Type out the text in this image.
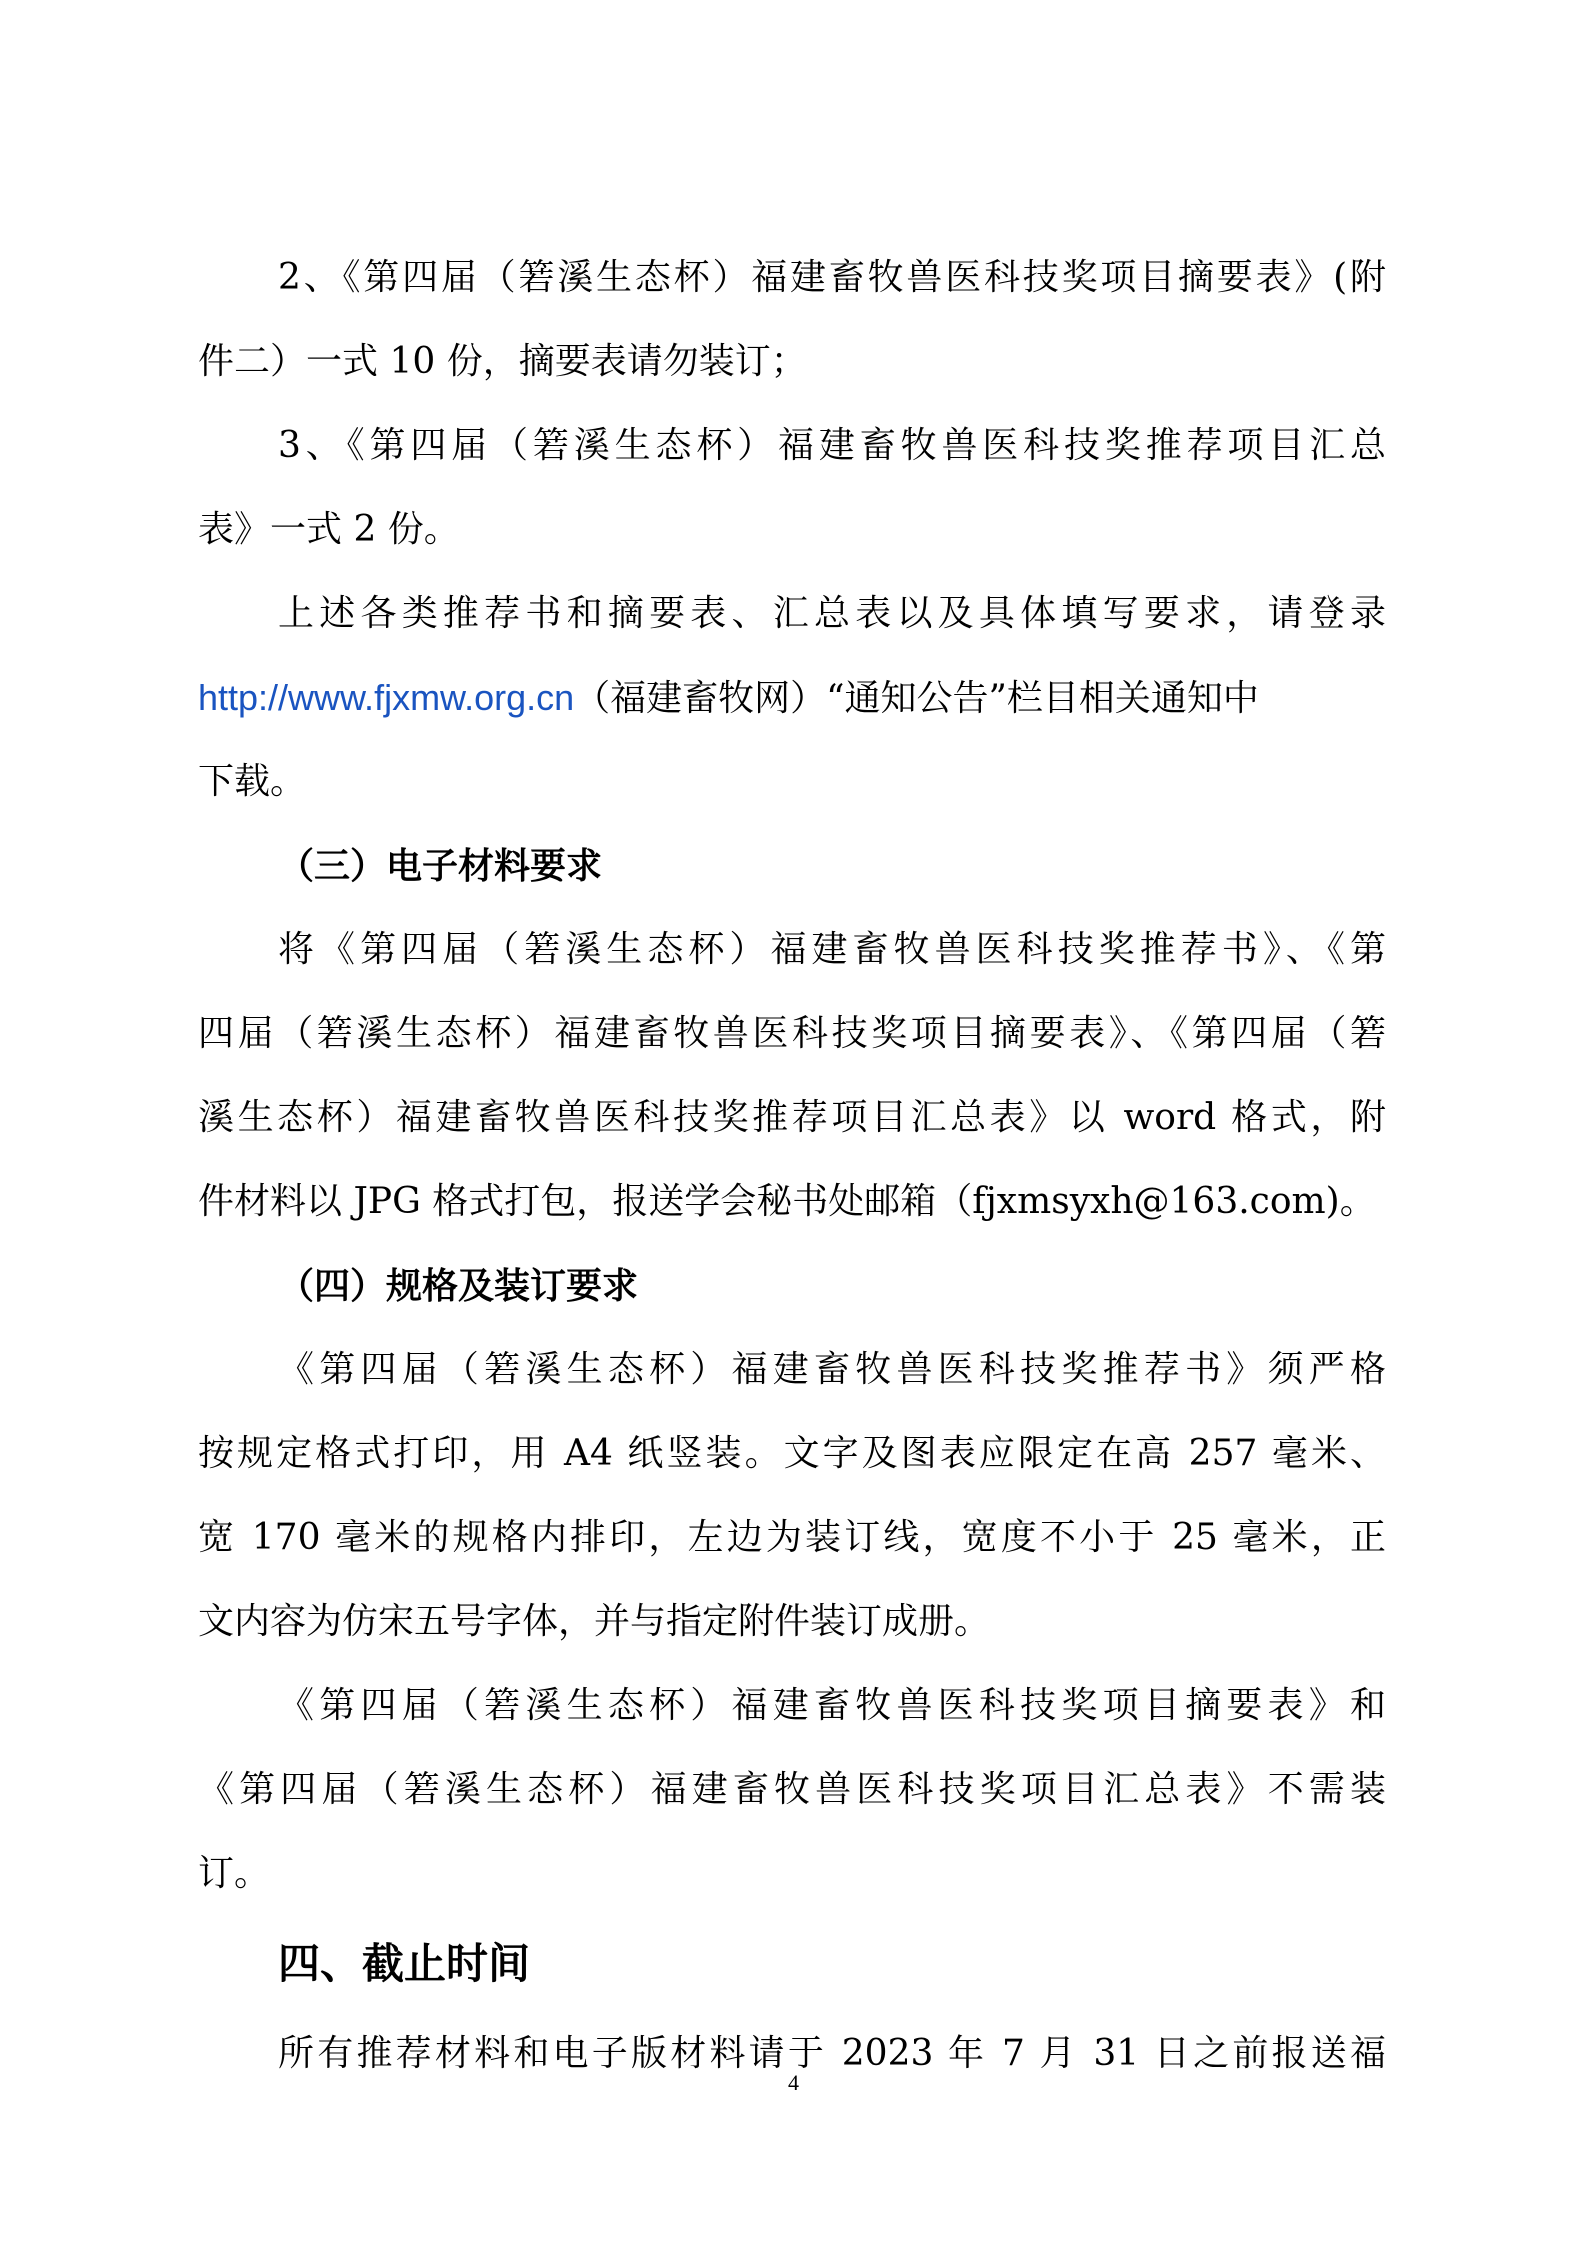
2、《第四届（箬溪生态杯）福建畜牧兽医科技奖项目摘要表》(附
件二）一式 10 份，摘要表请勿装订；
3、《第四届（箬溪生态杯）福建畜牧兽医科技奖推荐项目汇总
表》一式 2 份。
上述各类推荐书和摘要表、汇总表以及具体填写要求，请登录
http://www.fjxmw.org.cn（福建畜牧网）“通知公告”栏目相关通知中
下载。
（三）电子材料要求
将《第四届（箬溪生态杯）福建畜牧兽医科技奖推荐书》、《第
四届（箬溪生态杯）福建畜牧兽医科技奖项目摘要表》、《第四届（箬
溪生态杯）福建畜牧兽医科技奖推荐项目汇总表》以 word 格式，附
件材料以 JPG 格式打包，报送学会秘书处邮箱（fjxmsyxh@163.com)。
（四）规格及装订要求
《第四届（箬溪生态杯）福建畜牧兽医科技奖推荐书》须严格
按规定格式打印，用 A4 纸竖装。文字及图表应限定在高 257 毫米、
宽 170 毫米的规格内排印，左边为装订线，宽度不小于 25 毫米，正
文内容为仿宋五号字体，并与指定附件装订成册。
《第四届（箬溪生态杯）福建畜牧兽医科技奖项目摘要表》和
《第四届（箬溪生态杯）福建畜牧兽医科技奖项目汇总表》不需装
订。
四、截止时间
所有推荐材料和电子版材料请于 2023 年 7 月 31 日之前报送福
4
